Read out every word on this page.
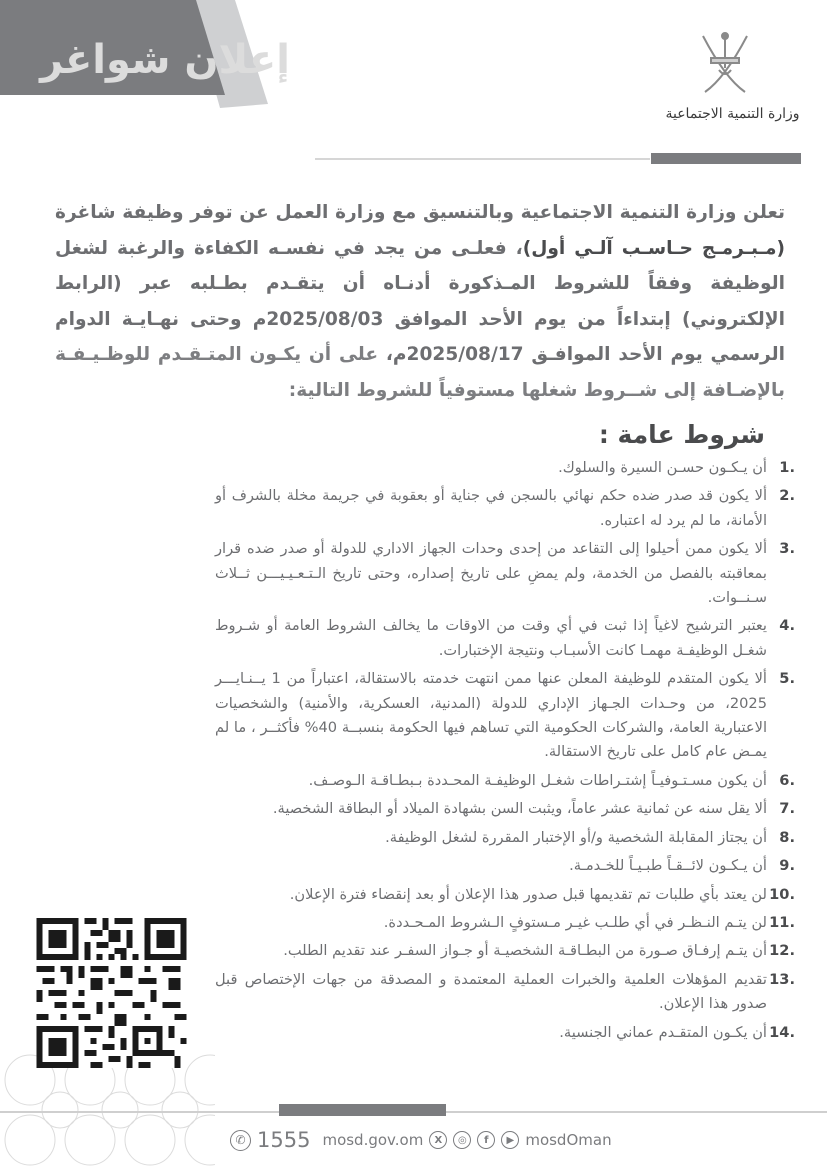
إعلان شواغر
وزارة التنمية الاجتماعية
تعلن وزارة التنمية الاجتماعية وبالتنسيق مع وزارة العمل عن توفر وظيفة شاغرة (مـبـرمـج حـاسـب آلـي أول)، فعلـى من يجد في نفسـه الكفاءة والرغبة لشغل الوظيفة وفقاً للشروط المـذكورة أدنـاه أن يتقـدم بطـلبه عبر (الرابط الإلكتروني) إبتداءاً من يوم الأحد الموافق 2025/08/03م وحتى نهـايـة الدوام الرسمي يوم الأحد الموافـق 2025/08/17م، على أن يكـون المتـقـدم للوظـيـفـة بالإضـافة إلى شــروط شغلها مستوفياً للشروط التالية:
شروط عامة :
1.
أن يـكـون حسـن السيرة والسلوك.
2.
ألا يكون قد صدر ضده حكم نهائي بالسجن في جناية أو بعقوبة في جريمة مخلة بالشرف أو الأمانة، ما لم يرد له اعتباره.
3.
ألا يكون ممن أحيلوا إلى التقاعد من إحدى وحدات الجهاز الاداري للدولة أو صدر ضده قرار بمعاقبته بالفصل من الخدمة، ولم يمضِ على تاريخ إصداره، وحتى تاريخ الـتـعـيـيـــن ثــلاث سـنــوات.
4.
يعتبر الترشيح لاغياً إذا ثبت في أي وقت من الاوقات ما يخالف الشروط العامة أو شـروط شغـل الوظيفـة مهمـا كانت الأسبـاب ونتيجة الإختبارات.
5.
ألا يكون المتقدم للوظيفة المعلن عنها ممن انتهت خدمته بالاستقالة، اعتباراً من 1 يــنـايـــر 2025، من وحـدات الجـهاز الإداري للدولة (المدنية، العسكرية، والأمنية) والشخصيات الاعتبارية العامة، والشركات الحكومية التي تساهم فيها الحكومة بنسبــة 40% فأكثــر ، ما لم يمـض عام كامل على تاريخ الاستقالة.
6.
أن يكون مسـتـوفيـاً إشتـراطات شغـل الوظيفـة المحـددة بـبطـاقـة الـوصـف.
7.
ألا يقل سنه عن ثمانية عشر عاماً، ويثبت السن بشهادة الميلاد أو البطاقة الشخصية.
8.
أن يجتاز المقابلة الشخصية و/أو الإختبار المقررة لشغل الوظيفة.
9.
أن يـكـون لائــقـاً طبـيـاً للخـدمـة.
10.
لن يعتد بأي طلبات تم تقديمها قبل صدور هذا الإعلان أو بعد إنقضاء فترة الإعلان.
11.
لن يتـم النـظـر في أي طلـب غيـر مـستوفٍ الـشروط المـحـددة.
12.
أن يتـم إرفـاق صـورة من البطـاقـة الشخصيـة أو جـواز السفـر عند تقديم الطلب.
13.
تقديم المؤهلات العلمية والخبرات العملية المعتمدة و المصدقة من جهات الإختصاص قبل صدور هذا الإعلان.
14.
أن يكـون المتقـدم عماني الجنسية.
✆ 1555 mosd.gov.om	X	◎	f	▶ mosdOman
